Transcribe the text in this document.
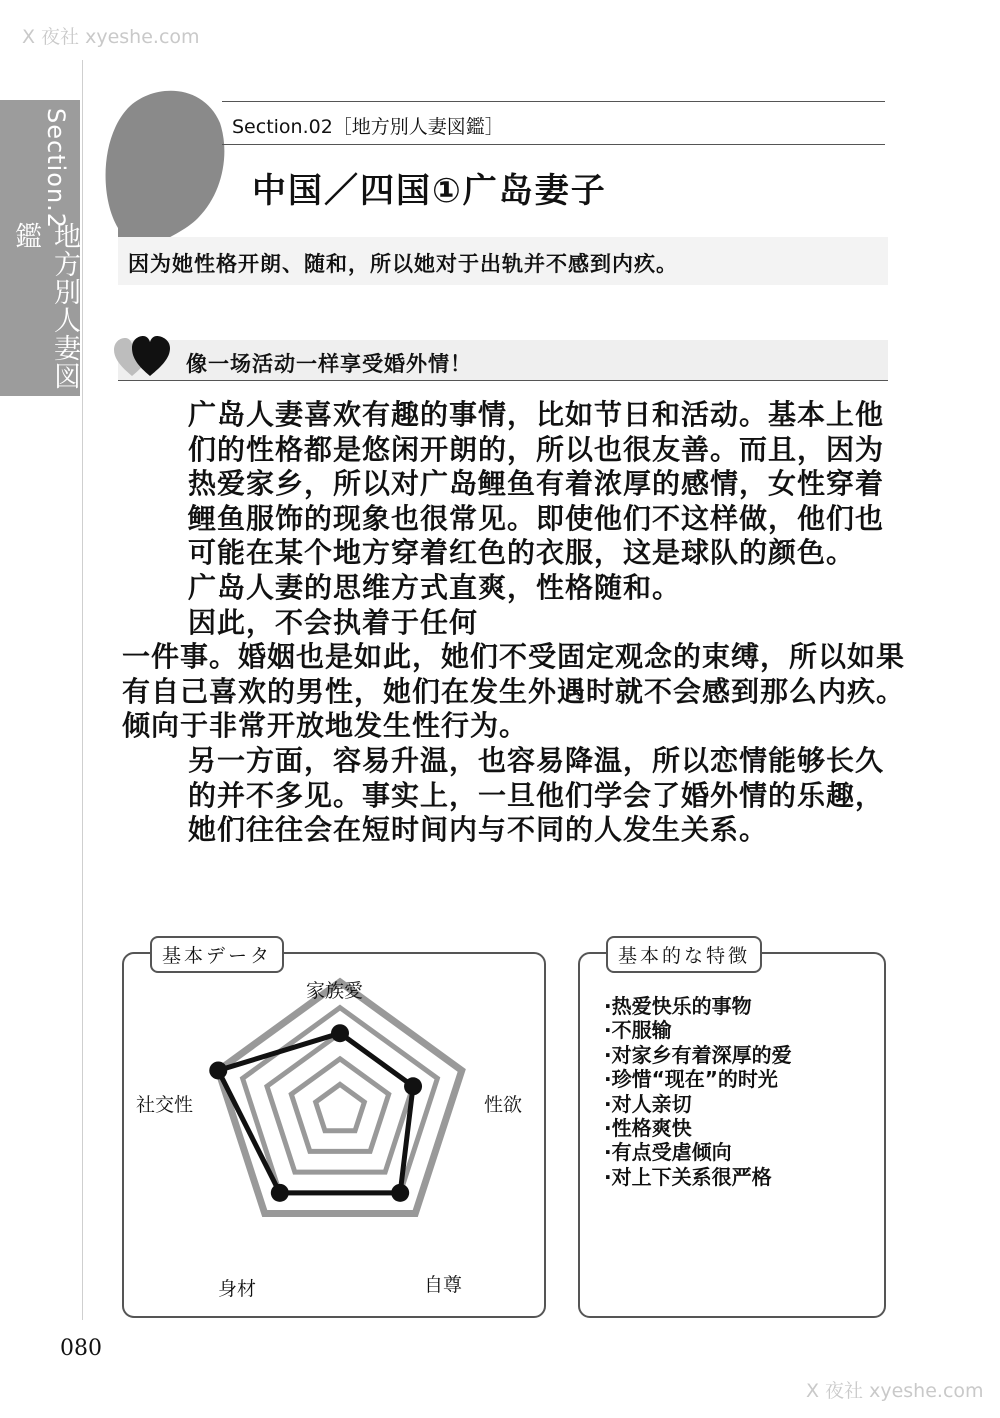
X 夜社 xyeshe.com
X 夜社 xyeshe.com
Section.2
地方別人妻図鑑
Section.02［地方別人妻図鑑］
中国／四国①广岛妻子
因为她性格开朗、随和，所以她对于出轨并不感到内疚。
像一场活动一样享受婚外情！

广岛人妻喜欢有趣的事情，比如节日和活动。基本上他们的性格都是悠闲开朗的，所以也很友善。而且，因为热爱家乡，所以对广岛鲤鱼有着浓厚的感情，女性穿着鲤鱼服饰的现象也很常见。即使他们不这样做，他们也可能在某个地方穿着红色的衣服，这是球队的颜色。

广岛人妻的思维方式直爽，性格随和。因此，不会执着于任何

一件事。婚姻也是如此，她们不受固定观念的束缚，所以如果有自己喜欢的男性，她们在发生外遇时就不会感到那么内疚。倾向于非常开放地发生性行为。

另一方面，容易升温，也容易降温，所以恋情能够长久的并不多见。事实上，一旦他们学会了婚外情的乐趣，她们往往会在短时间内与不同的人发生关系。

基本データ
家族愛
性欲
自尊
身材
社交性
基本的な特徴
·热爱快乐的事物
·不服输
·对家乡有着深厚的爱
·珍惜“现在”的时光
·对人亲切
·性格爽快
·有点受虐倾向
·对上下关系很严格
080
